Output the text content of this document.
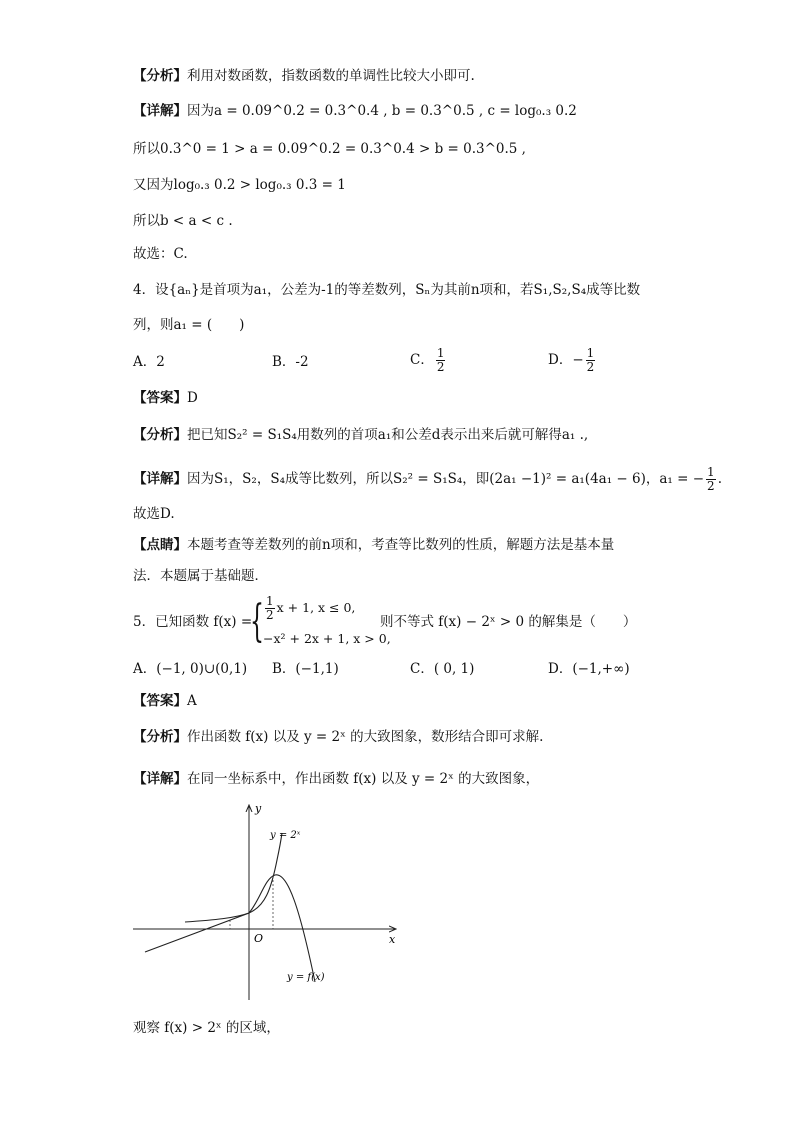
【分析】利用对数函数，指数函数的单调性比较大小即可.
【详解】因为a = 0.09^0.2 = 0.3^0.4 , b = 0.3^0.5 , c = log₀.₃ 0.2
所以0.3^0 = 1 > a = 0.09^0.2 = 0.3^0.4 > b = 0.3^0.5 ,
又因为log₀.₃ 0.2 > log₀.₃ 0.3 = 1
所以b < a < c .
故选：C.
4．设{aₙ}是首项为a₁，公差为-1的等差数列，Sₙ为其前n项和，若S₁,S₂,S₄成等比数
列，则a₁ = (　　)
A．2	B．-2	C． $\frac{1}{2}$	D．− $\frac{1}{2}$
【答案】D
【分析】把已知S₂² = S₁S₄用数列的首项a₁和公差d表示出来后就可解得a₁ .,
【详解】因为S₁，S₂，S₄成等比数列，所以S₂² = S₁S₄，即(2a₁ −1)² = a₁(4a₁ − 6)，a₁ = − $\frac{1}{2}$ .
故选D.
【点睛】本题考查等差数列的前n项和，考查等比数列的性质，解题方法是基本量
法．本题属于基础题．
5．已知函数 f(x) =
{ $\frac{1}{2}$ x + 1, x ≤ 0,
−x² + 2x + 1, x > 0,
则不等式 f(x) − 2ˣ > 0 的解集是（　　）
A．(−1, 0)∪(0,1) B．(−1,1)	C．( 0, 1)	D．(−1,+∞)
【答案】A
【分析】作出函数 f(x) 以及 y = 2ˣ 的大致图象，数形结合即可求解.
【详解】在同一坐标系中，作出函数 f(x) 以及 y = 2ˣ 的大致图象，
y
x
O
y = 2ˣ
y = f(x)
观察 f(x) > 2ˣ 的区域，
